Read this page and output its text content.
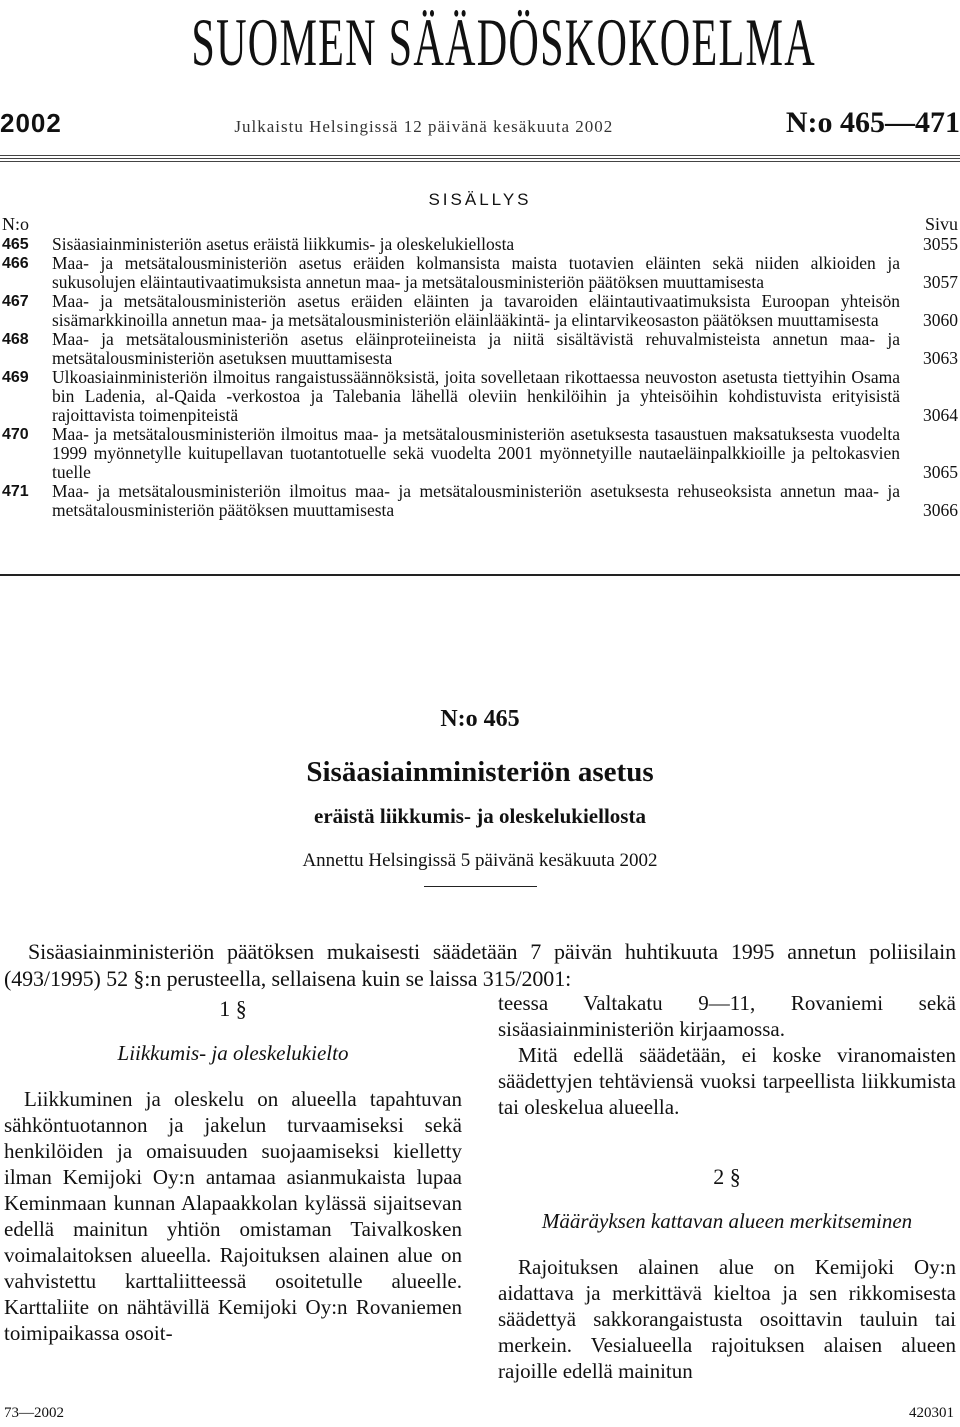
SUOMEN SÄÄDÖSKOKOELMA
2002	Julkaistu Helsingissä 12 päivänä kesäkuuta 2002	N:o 465—471
SISÄLLYS
N:o	Sivu
465 Sisäasiainministeriön asetus eräistä liikkumis- ja oleskelukiellosta	3055
466 Maa- ja metsätalousministeriön asetus eräiden kolmansista maista tuotavien eläinten sekä niiden alkioiden ja sukusolujen eläintautivaatimuksista annetun maa- ja metsätalousministeriön päätöksen muuttamisesta	3057
467 Maa- ja metsätalousministeriön asetus eräiden eläinten ja tavaroiden eläintautivaatimuksista Euroopan yhteisön sisämarkkinoilla annetun maa- ja metsätalousministeriön eläinlääkintä- ja elintarvikeosaston päätöksen muuttamisesta	3060
468 Maa- ja metsätalousministeriön asetus eläinproteiineista ja niitä sisältävistä rehuvalmisteista annetun maa- ja metsätalousministeriön asetuksen muuttamisesta	3063
469 Ulkoasiainministeriön ilmoitus rangaistussäännöksistä, joita sovelletaan rikottaessa neuvoston asetusta tiettyihin Osama bin Ladenia, al-Qaida -verkostoa ja Talebania lähellä oleviin henkilöihin ja yhteisöihin kohdistuvista erityisistä rajoittavista toimenpiteistä	3064
470 Maa- ja metsätalousministeriön ilmoitus maa- ja metsätalousministeriön asetuksesta tasaustuen maksatuksesta vuodelta 1999 myönnetylle kuitupellavan tuotantotuelle sekä vuodelta 2001 myönnetyille nautaeläinpalkkioille ja peltokasvien tuelle	3065
471 Maa- ja metsätalousministeriön ilmoitus maa- ja metsätalousministeriön asetuksesta rehuseoksista annetun maa- ja metsätalousministeriön päätöksen muuttamisesta	3066
N:o 465
Sisäasiainministeriön asetus
eräistä liikkumis- ja oleskelukiellosta
Annettu Helsingissä 5 päivänä kesäkuuta 2002

Sisäasiainministeriön päätöksen mukaisesti säädetään 7 päivän huhtikuuta 1995 annetun poliisilain (493/1995) 52 §:n perusteella, sellaisena kuin se laissa 315/2001:

1 §

Liikkumis- ja oleskelukielto

Liikkuminen ja oleskelu on alueella tapahtuvan sähköntuotannon ja jakelun turvaamiseksi sekä henkilöiden ja omaisuuden suojaamiseksi kielletty ilman Kemijoki Oy:n antamaa asianmukaista lupaa Keminmaan kunnan Alapaakkolan kylässä sijaitsevan edellä mainitun yhtiön omistaman Taivalkosken voimalaitoksen alueella. Rajoituksen alainen alue on vahvistettu karttaliitteessä osoitetulle alueelle. Karttaliite on nähtävillä Kemijoki Oy:n Rovaniemen toimipaikassa osoit-

teessa Valtakatu 9—11, Rovaniemi sekä sisäasiainministeriön kirjaamossa.

Mitä edellä säädetään, ei koske viranomaisten säädettyjen tehtäviensä vuoksi tarpeellista liikkumista tai oleskelua alueella.

2 §

Määräyksen kattavan alueen merkitseminen

Rajoituksen alainen alue on Kemijoki Oy:n aidattava ja merkittävä kieltoa ja sen rikkomisesta säädettyä sakkorangaistusta osoittavin tauluin tai merkein. Vesialueella rajoituksen alaisen alueen rajoille edellä mainitun

73—2002	420301
